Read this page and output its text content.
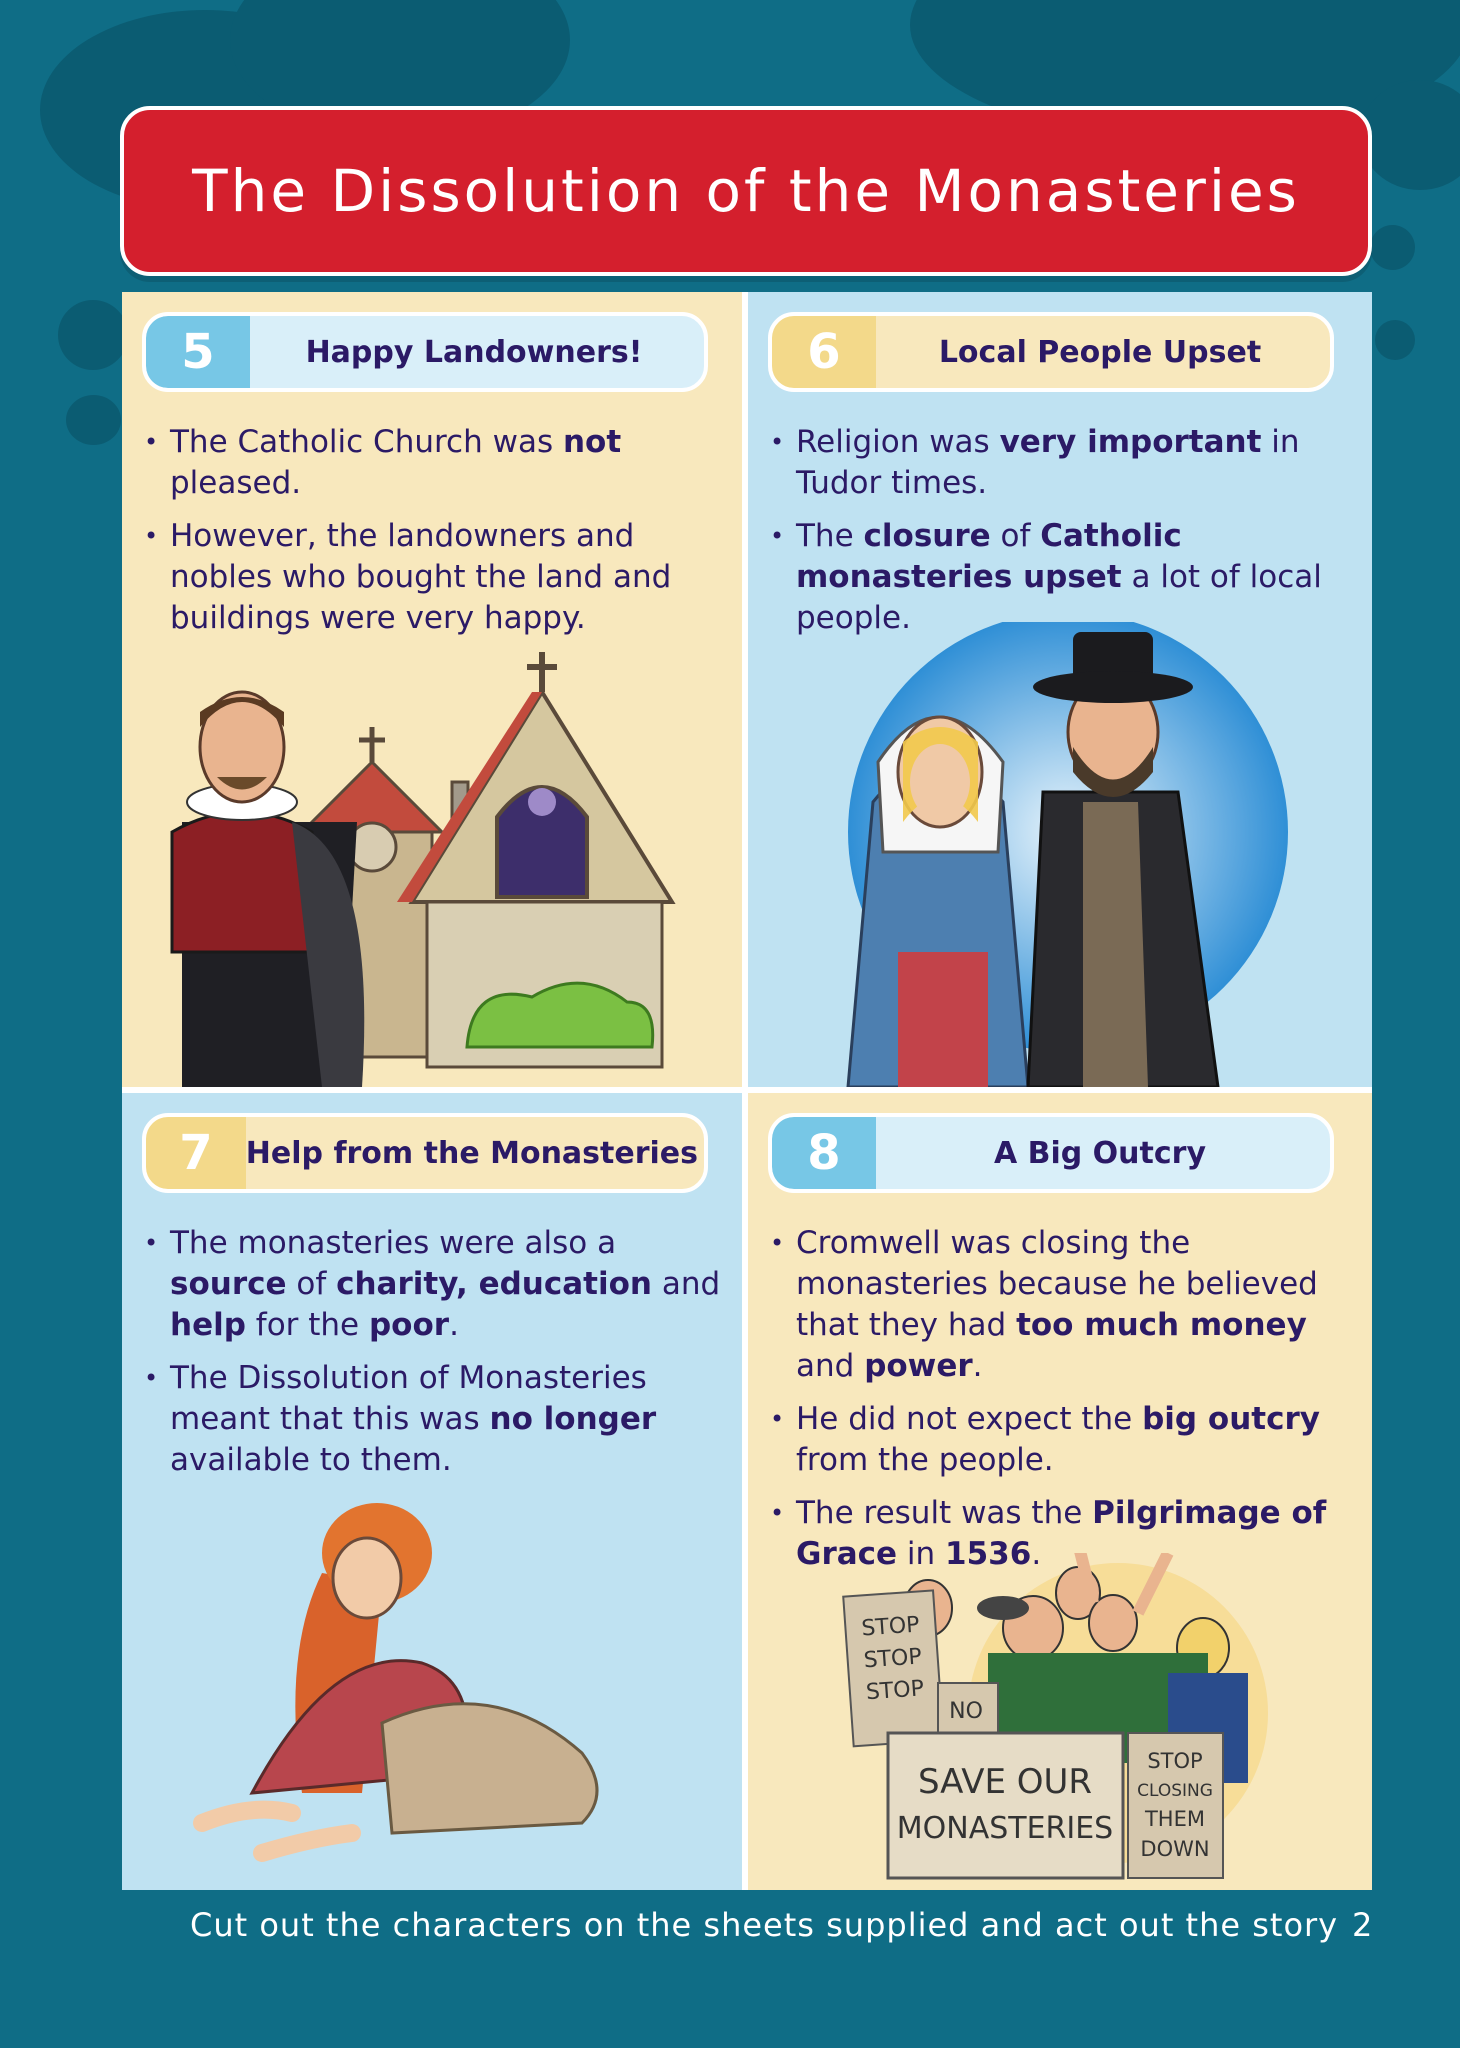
The Dissolution of the Monasteries
5	Happy Landowners!
• The Catholic Church was not pleased.
• However, the landowners and nobles who bought the land and buildings were very happy.
6	Local People Upset
• Religion was very important in Tudor times.
• The closure of Catholic monasteries upset a lot of local people.
7	Help from the Monasteries
• The monasteries were also a source of charity, education and help for the poor.
• The Dissolution of Monasteries meant that this was no longer available to them.
8	A Big Outcry
• Cromwell was closing the monasteries because he believed that they had too much money and power.
• He did not expect the big outcry from the people.
• The result was the Pilgrimage of Grace in 1536.
STOP
STOP
STOP
NO
SAVE OUR
MONASTERIES
STOP
CLOSING
THEM
DOWN
Cut out the characters on the sheets supplied and act out the story 2
